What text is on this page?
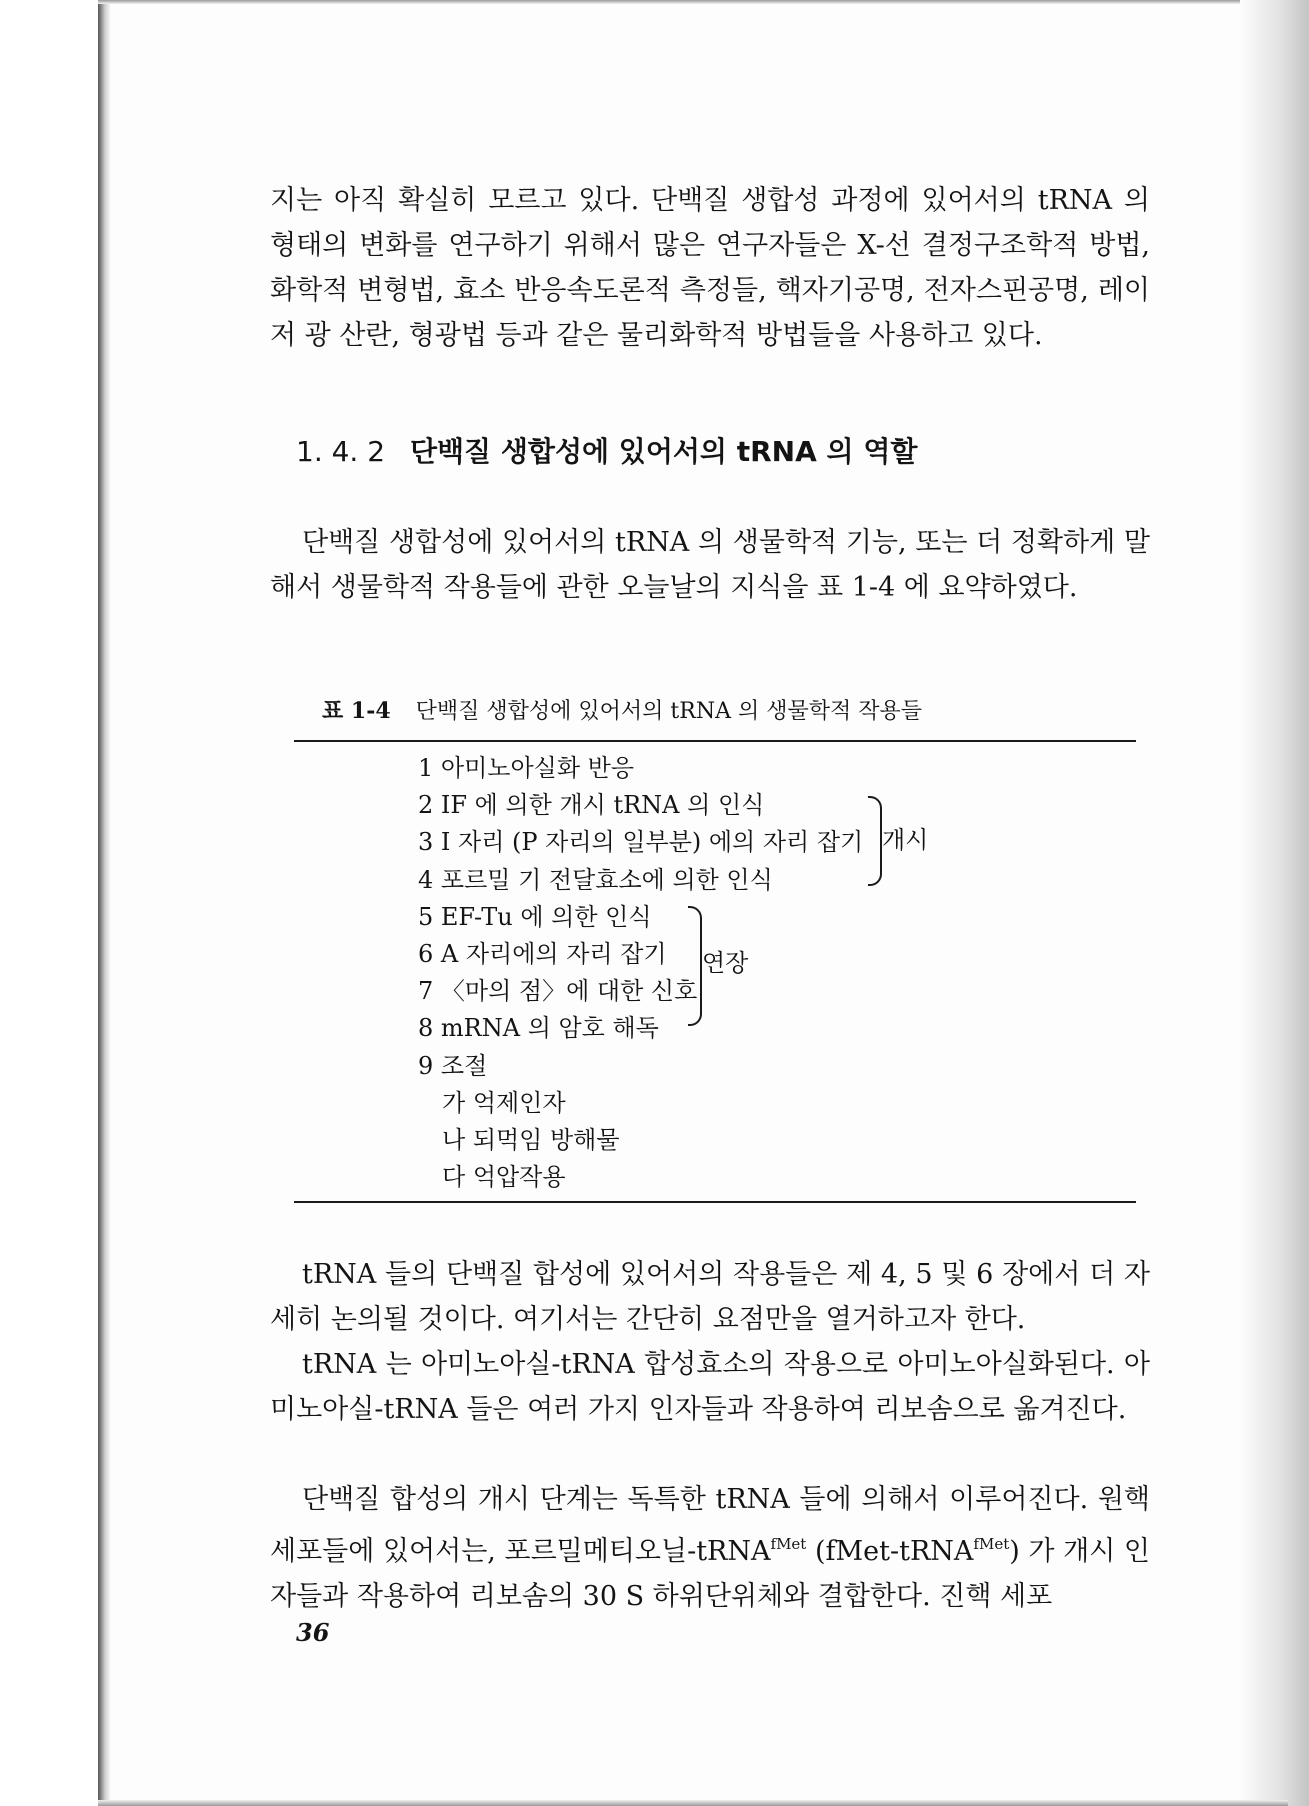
지는 아직 확실히 모르고 있다. 단백질 생합성 과정에 있어서의 tRNA 의 형태의 변화를 연구하기 위해서 많은 연구자들은 X-선 결정구조학적 방법, 화학적 변형법, 효소 반응속도론적 측정들, 핵자기공명, 전자스핀공명, 레이저 광 산란, 형광법 등과 같은 물리화학적 방법들을 사용하고 있다.

1. 4. 2 단백질 생합성에 있어서의 tRNA 의 역할

단백질 생합성에 있어서의 tRNA 의 생물학적 기능, 또는 더 정확하게 말해서 생물학적 작용들에 관한 오늘날의 지식을 표 1-4 에 요약하였다.

표 1-4 단백질 생합성에 있어서의 tRNA 의 생물학적 작용들
1 아미노아실화 반응
2 IF 에 의한 개시 tRNA 의 인식
3 I 자리 (P 자리의 일부분) 에의 자리 잡기
4 포르밀 기 전달효소에 의한 인식
5 EF-Tu 에 의한 인식
6 A 자리에의 자리 잡기
7 〈마의 점〉에 대한 신호
8 mRNA 의 암호 해독
9 조절
가 억제인자
나 되먹임 방해물
다 억압작용
개시
연장

tRNA 들의 단백질 합성에 있어서의 작용들은 제 4, 5 및 6 장에서 더 자세히 논의될 것이다. 여기서는 간단히 요점만을 열거하고자 한다.

tRNA 는 아미노아실-tRNA 합성효소의 작용으로 아미노아실화된다. 아미노아실-tRNA 들은 여러 가지 인자들과 작용하여 리보솜으로 옮겨진다.

단백질 합성의 개시 단계는 독특한 tRNA 들에 의해서 이루어진다. 원핵 세포들에 있어서는, 포르밀메티오닐-tRNA$^{fMet}$ (fMet-tRNA$^{fMet}$) 가 개시 인자들과 작용하여 리보솜의 30 S 하위단위체와 결합한다. 진핵 세포

36
